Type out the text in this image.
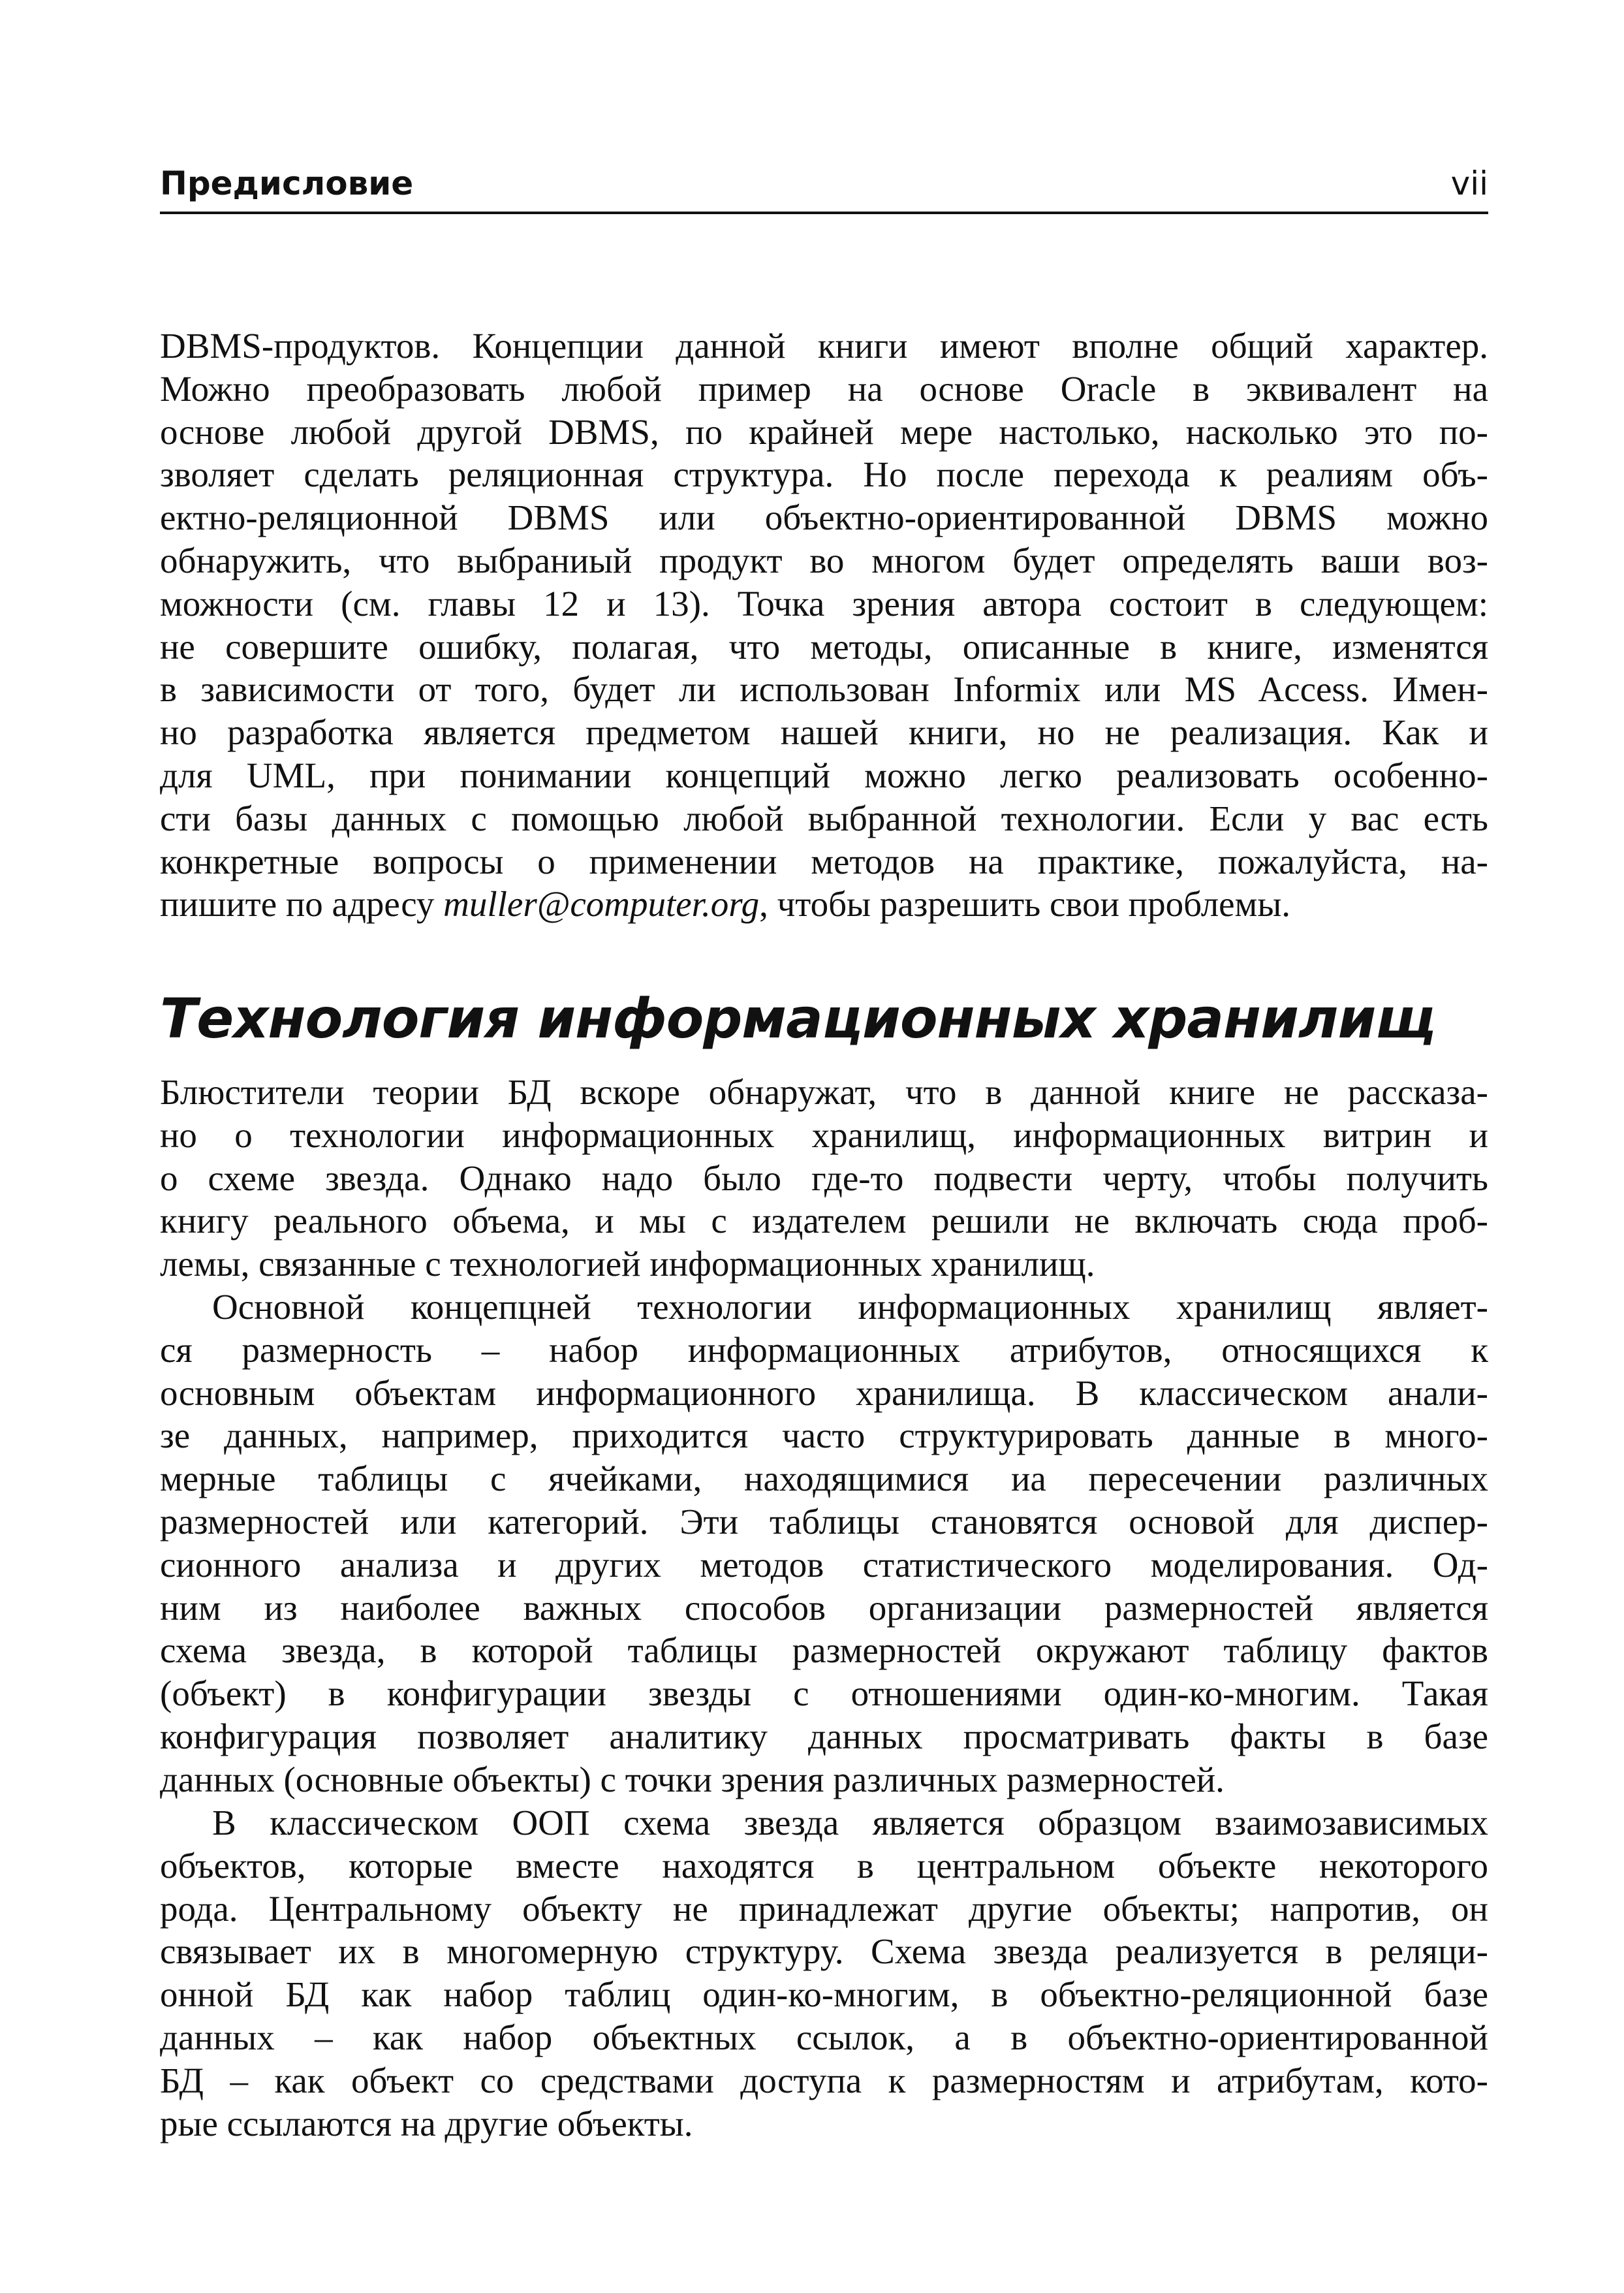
Предисловие	vii
DBMS-продуктов. Концепции данной книги имеют вполне общий характер.
Можно преобразовать любой пример на основе Oracle в эквивалент на
основе любой другой DBMS, по крайней мере настолько, насколько это по-
зволяет сделать реляционная структура. Но после перехода к реалиям объ-
ектно-реляционной DBMS или объектно-ориентированной DBMS можно
обнаружить, что выбраниый продукт во многом будет определять ваши воз-
можности (см. главы 12 и 13). Точка зрения автора состоит в следующем:
не совершите ошибку, полагая, что методы, описанные в книге, изменятся
в зависимости от того, будет ли использован Informix или MS Access. Имен-
но разработка является предметом нашей книги, но не реализация. Как и
для UML, при понимании концепций можно легко реализовать особенно-
сти базы данных с помощью любой выбранной технологии. Если у вас есть
конкретные вопросы о применении методов на практике, пожалуйста, на-
пишите по адресу muller@computer.org, чтобы разрешить свои проблемы.
Технология информационных хранилищ
Блюстители теории БД вскоре обнаружат, что в данной книге не рассказа-
но о технологии информационных хранилищ, информационных витрин и
о схеме звезда. Однако надо было где-то подвести черту, чтобы получить
книгу реального объема, и мы с издателем решили не включать сюда проб-
лемы, связанные с технологией информационных хранилищ.
Основной концепцней технологии информационных хранилищ являет-
ся размерность – набор информационных атрибутов, относящихся к
основным объектам информационного хранилища. В классическом анали-
зе данных, например, приходится часто структурировать данные в много-
мерные таблицы с ячейками, находящимися иа пересечении различных
размерностей или категорий. Эти таблицы становятся основой для диспер-
сионного анализа и других методов статистического моделирования. Од-
ним из наиболее важных способов организации размерностей является
схема звезда, в которой таблицы размерностей окружают таблицу фактов
(объект) в конфигурации звезды с отношениями один-ко-многим. Такая
конфигурация позволяет аналитику данных просматривать факты в базе
данных (основные объекты) с точки зрения различных размерностей.
В классическом ООП схема звезда является образцом взаимозависимых
объектов, которые вместе находятся в центральном объекте некоторого
рода. Центральному объекту не принадлежат другие объекты; напротив, он
связывает их в многомерную структуру. Схема звезда реализуется в реляци-
онной БД как набор таблиц один-ко-многим, в объектно-реляционной базе
данных – как набор объектных ссылок, а в объектно-ориентированной
БД – как объект со средствами доступа к размерностям и атрибутам, кото-
рые ссылаются на другие объекты.
